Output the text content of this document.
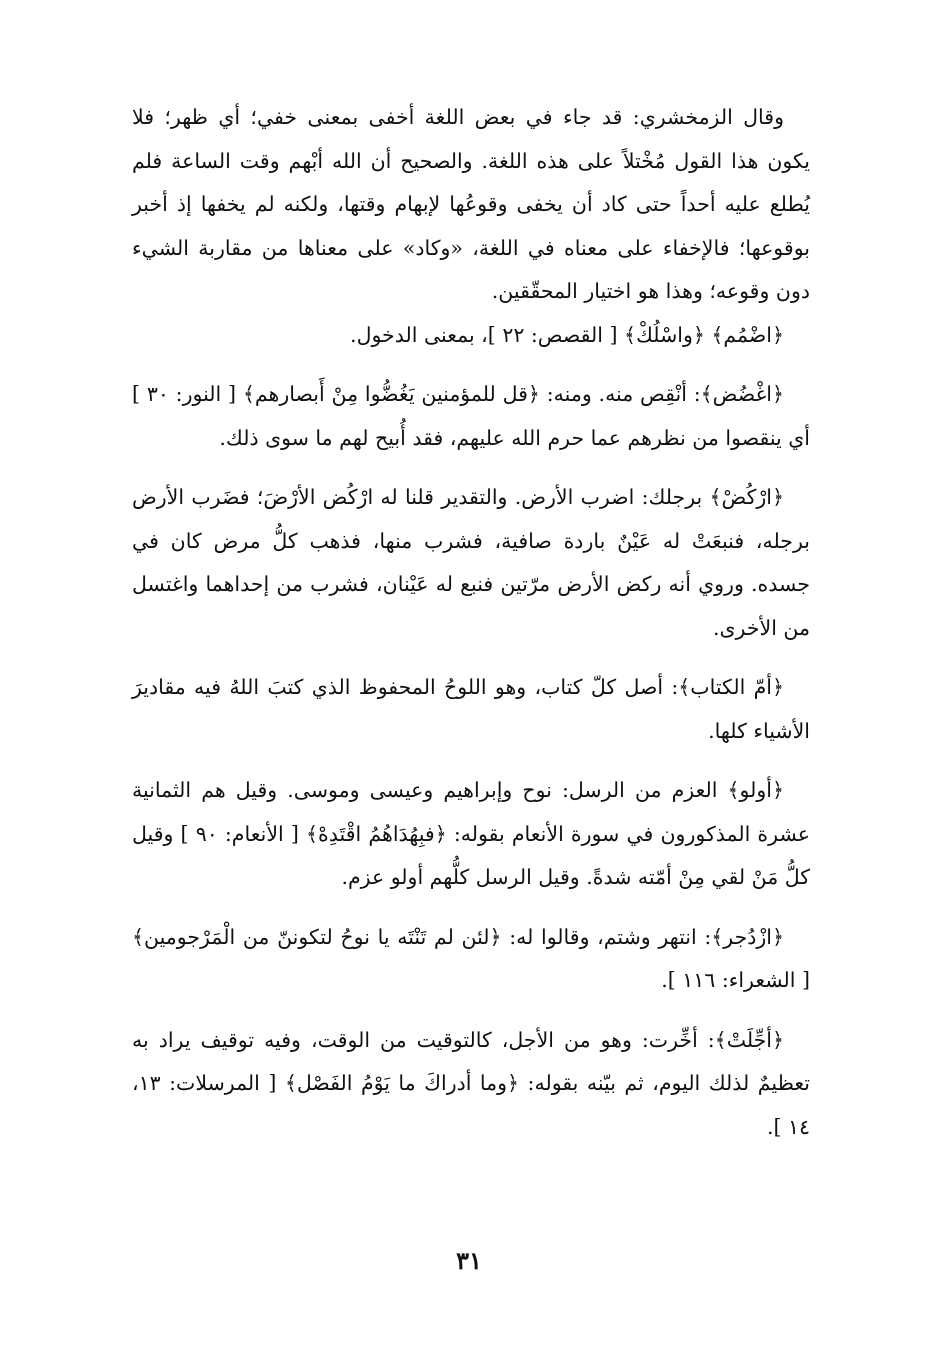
وقال الزمخشري: قد جاء في بعض اللغة أخفى بمعنى خفي؛ أي ظهر؛ فلا يكون هذا القول مُخْتلاً على هذه اللغة. والصحيح أن الله أبْهم وقت الساعة فلم يُطلع عليه أحداً حتى كاد أن يخفى وقوعُها لإبهام وقتها، ولكنه لم يخفها إذ أخبر بوقوعها؛ فالإخفاء على معناه في اللغة، «وكاد» على معناها من مقاربة الشيء دون وقوعه؛ وهذا هو اختيار المحقّقين.

﴿اضْمُم﴾ ﴿واسْلُكْ﴾ [ القصص: ٢٢ ]، بمعنى الدخول.

﴿اغْضُض﴾: أنْقِص منه. ومنه: ﴿قل للمؤمنين يَغُضُّوا مِنْ أَبصارهم﴾ [ النور: ٣٠ ] أي ينقصوا من نظرهم عما حرم الله عليهم، فقد أُبيح لهم ما سوى ذلك.

﴿ارْكُضْ﴾ برجلك: اضرب الأرض. والتقدير قلنا له ارْكُض الأرْضَ؛ فضَرب الأرض برجله، فنبعَتْ له عَيْنٌ باردة صافية، فشرب منها، فذهب كلُّ مرض كان في جسده. وروي أنه ركض الأرض مرّتين فنبع له عَيْنان، فشرب من إحداهما واغتسل من الأخرى.

﴿أمّ الكتاب﴾: أصل كلّ كتاب، وهو اللوحُ المحفوظ الذي كتبَ اللهُ فيه مقاديرَ الأشياء كلها.

﴿أولو﴾ العزم من الرسل: نوح وإبراهيم وعيسى وموسى. وقيل هم الثمانية عشرة المذكورون في سورة الأنعام بقوله: ﴿فبِهُدَاهُمُ اقْتَدِهْ﴾ [ الأنعام: ٩٠ ] وقيل كلُّ مَنْ لقي مِنْ أمّته شدةً. وقيل الرسل كلُّهم أولو عزم.

﴿ازْدُجر﴾: انتهر وشتم، وقالوا له: ﴿لئن لم تَنْتَه يا نوحُ لتكوننّ من الْمَرْجومين﴾ [ الشعراء: ١١٦ ].

﴿أجِّلَتْ﴾: أخِّرت: وهو من الأجل، كالتوقيت من الوقت، وفيه توقيف يراد به تعظيمٌ لذلك اليوم، ثم بيّنه بقوله: ﴿وما أدراكَ ما يَوْمُ الفَصْل﴾ [ المرسلات: ١٣، ١٤ ].

٣١
